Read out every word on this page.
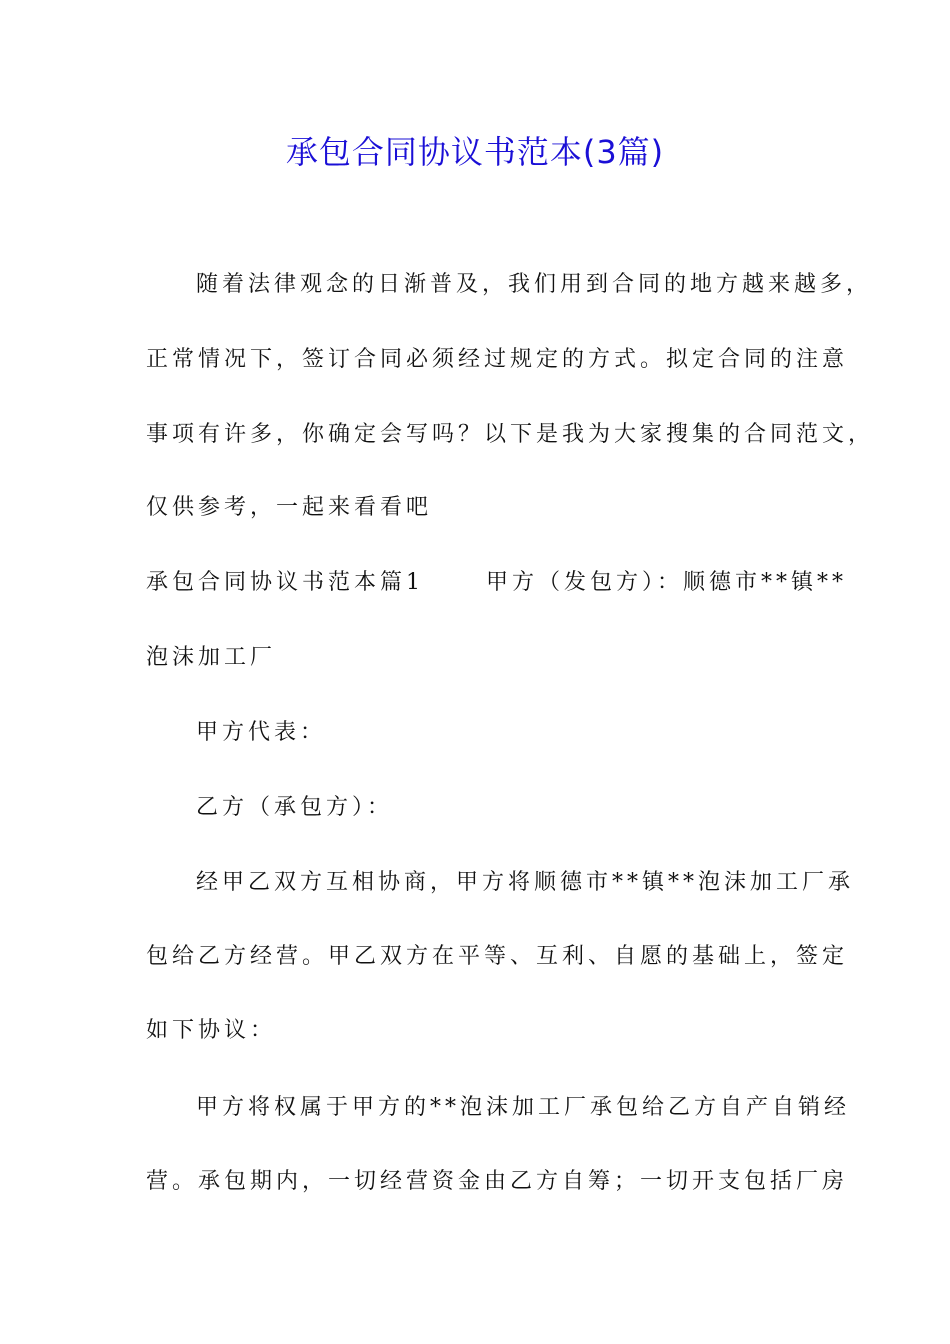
承包合同协议书范本(3篇)
随着法律观念的日渐普及，我们用到合同的地方越来越多，
正常情况下，签订合同必须经过规定的方式。拟定合同的注意
事项有许多，你确定会写吗？以下是我为大家搜集的合同范文，
仅供参考，一起来看看吧
承包合同协议书范本篇1	甲方（发包方）：顺德市**镇**
泡沫加工厂
甲方代表：
乙方（承包方）：
经甲乙双方互相协商，甲方将顺德市**镇**泡沫加工厂承
包给乙方经营。甲乙双方在平等、互利、自愿的基础上，签定
如下协议：
甲方将权属于甲方的**泡沫加工厂承包给乙方自产自销经
营。承包期内，一切经营资金由乙方自筹；一切开支包括厂房
